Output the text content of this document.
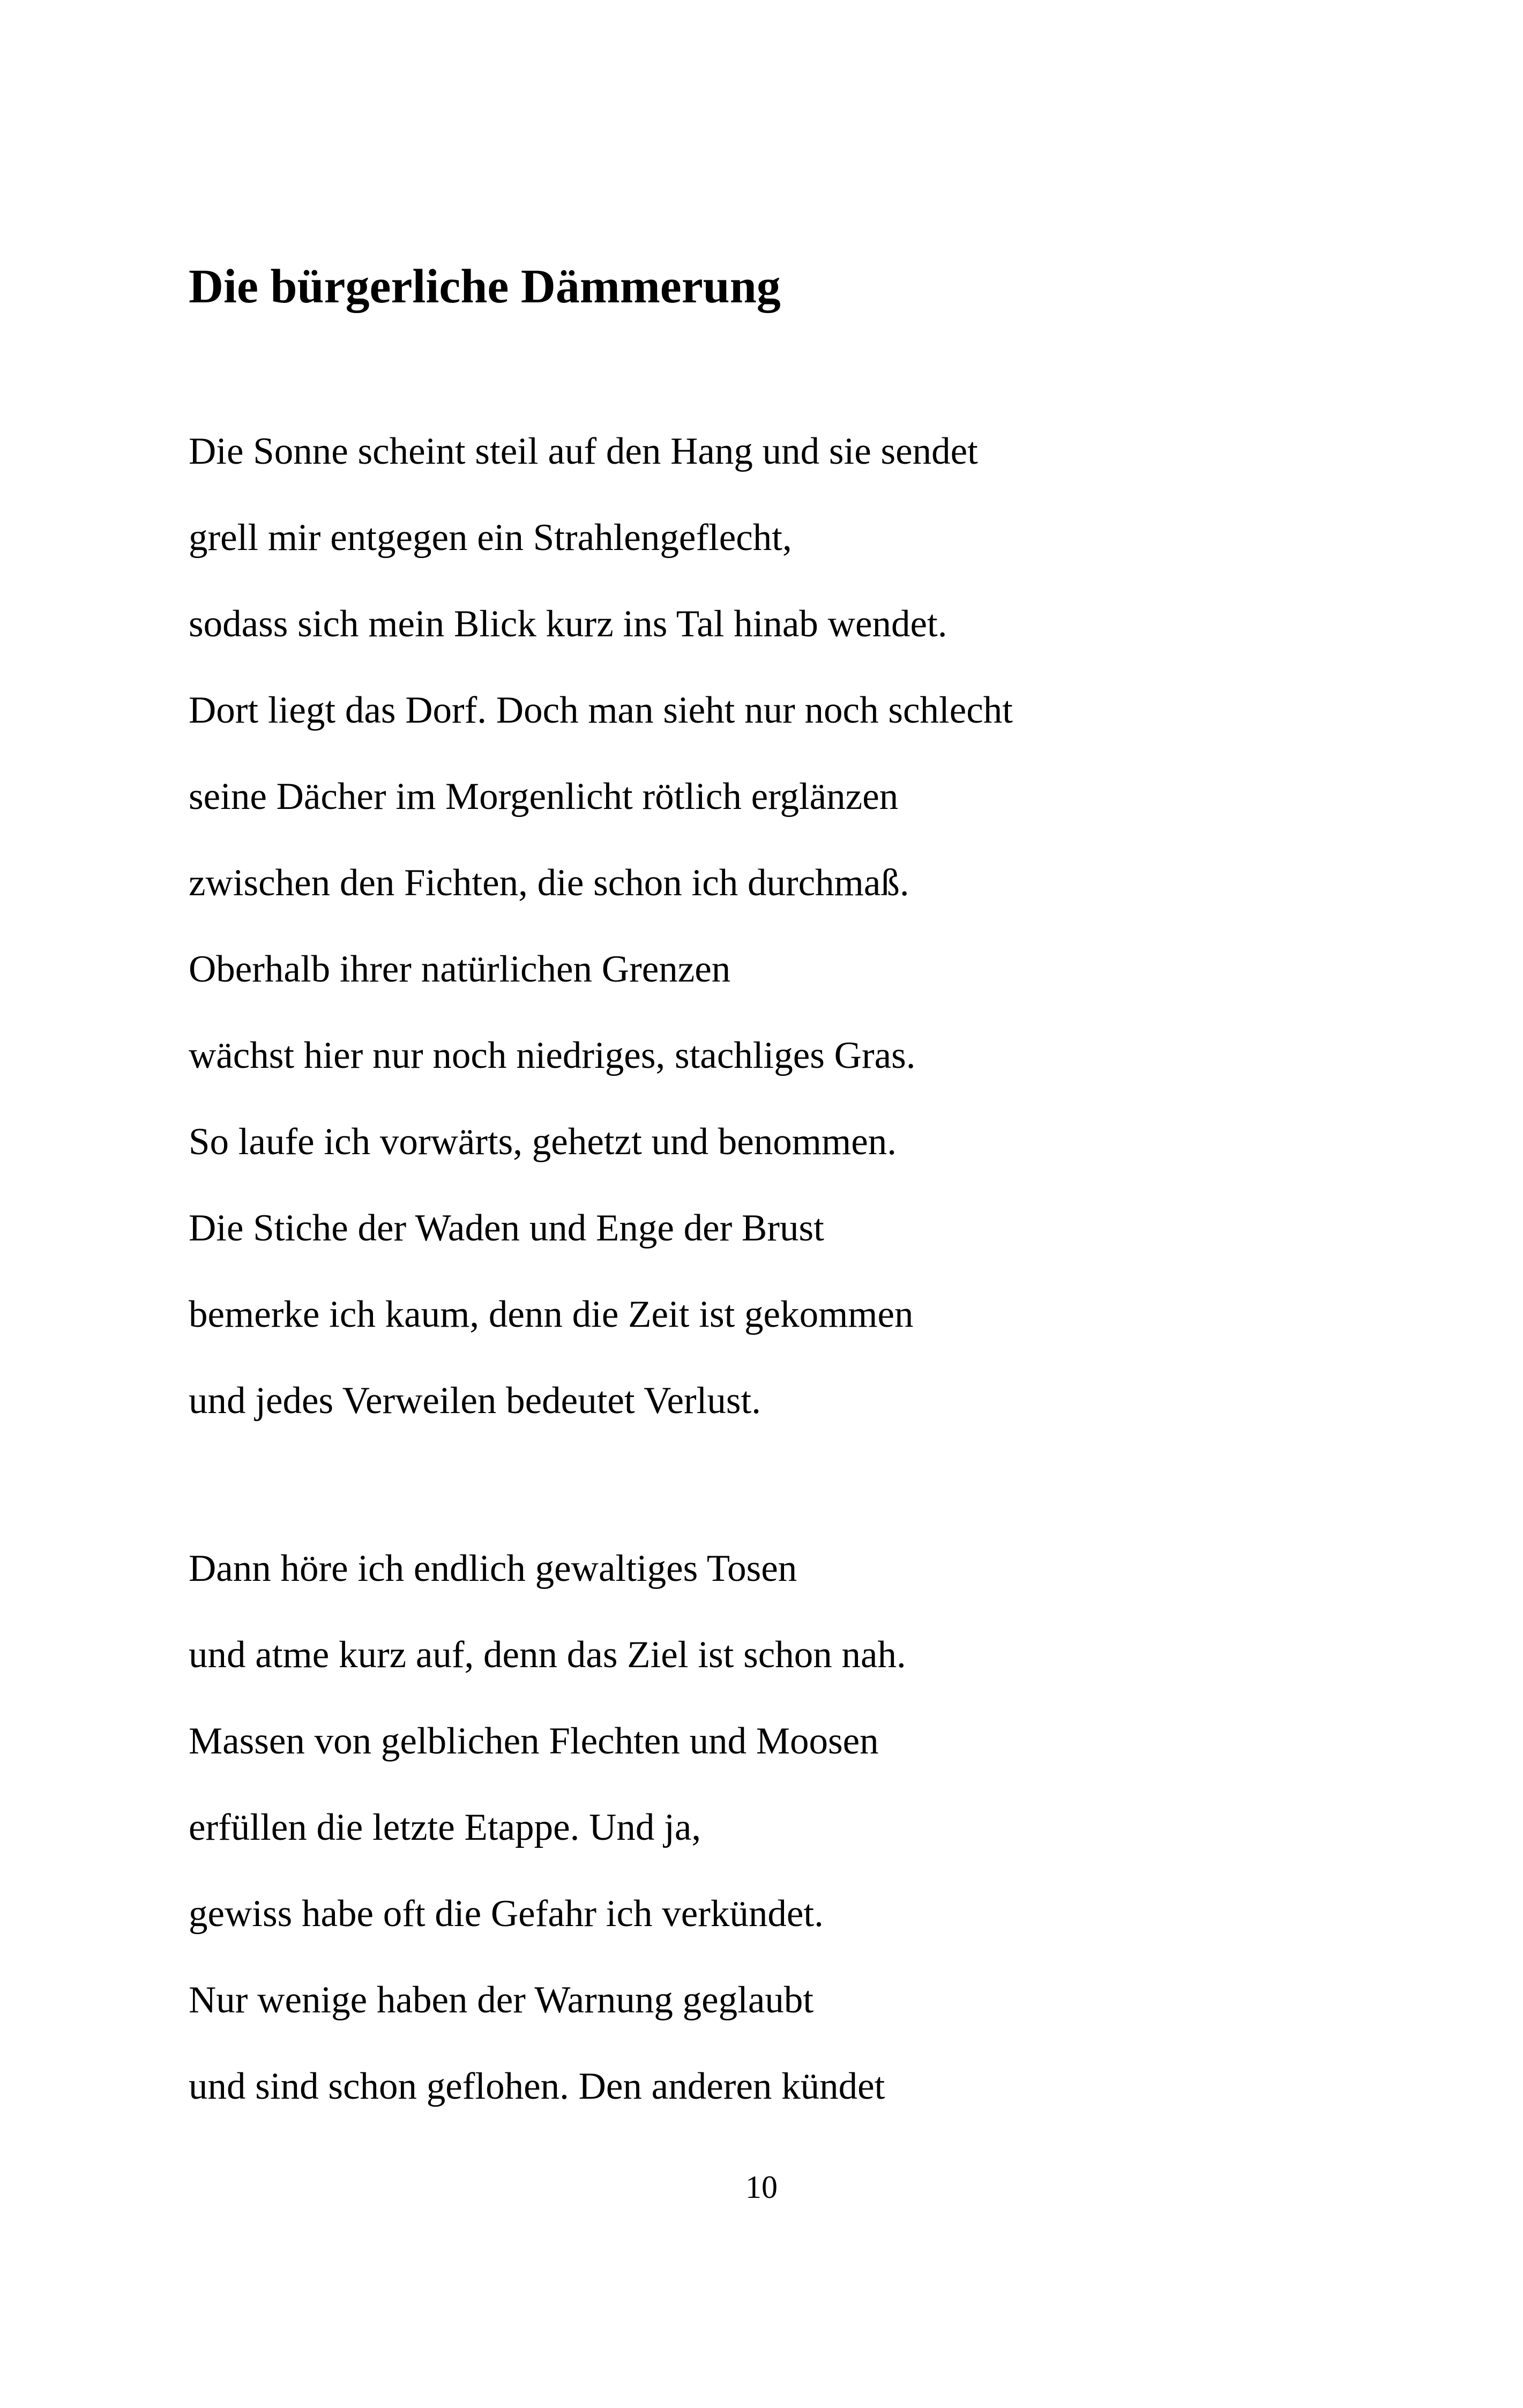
Die bürgerliche Dämmerung
Die Sonne scheint steil auf den Hang und sie sendet
grell mir entgegen ein Strahlengeflecht,
sodass sich mein Blick kurz ins Tal hinab wendet.
Dort liegt das Dorf. Doch man sieht nur noch schlecht
seine Dächer im Morgenlicht rötlich erglänzen
zwischen den Fichten, die schon ich durchmaß.
Oberhalb ihrer natürlichen Grenzen
wächst hier nur noch niedriges, stachliges Gras.
So laufe ich vorwärts, gehetzt und benommen.
Die Stiche der Waden und Enge der Brust
bemerke ich kaum, denn die Zeit ist gekommen
und jedes Verweilen bedeutet Verlust.
Dann höre ich endlich gewaltiges Tosen
und atme kurz auf, denn das Ziel ist schon nah.
Massen von gelblichen Flechten und Moosen
erfüllen die letzte Etappe. Und ja,
gewiss habe oft die Gefahr ich verkündet.
Nur wenige haben der Warnung geglaubt
und sind schon geflohen. Den anderen kündet
10
